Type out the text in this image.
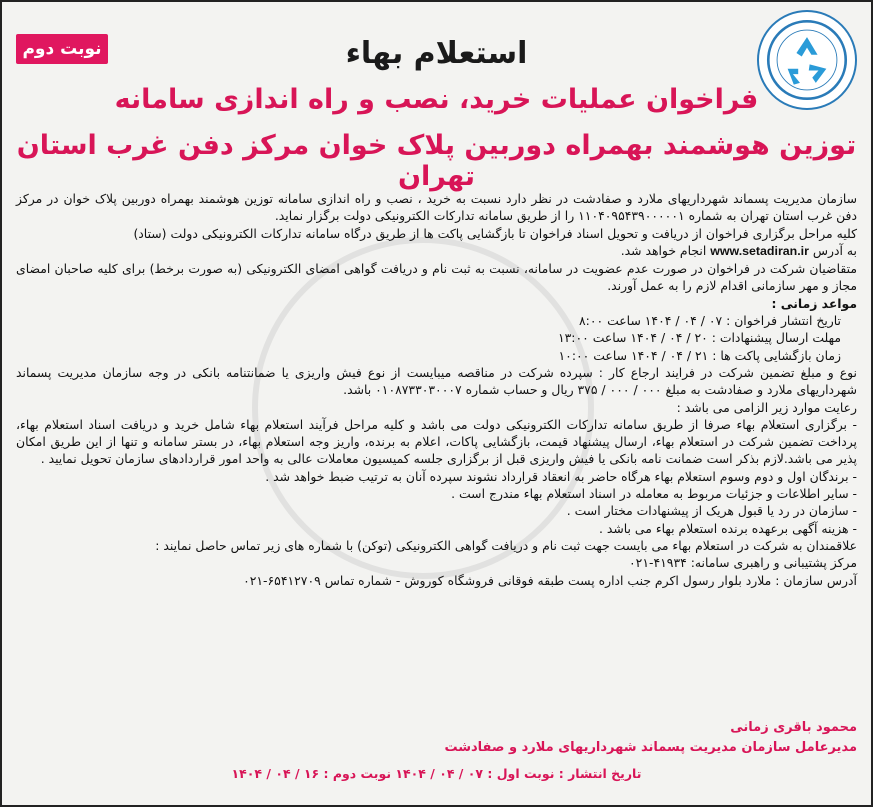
نوبت دوم	استعلام بهاء
فراخوان عملیات خرید، نصب و راه اندازی سامانه
توزین هوشمند بهمراه دوربین پلاک خوان مرکز دفن غرب استان تهران

سازمان مدیریت پسماند شهرداریهای ملارد و صفادشت در نظر دارد نسبت به خرید ، نصب و راه اندازی سامانه توزین هوشمند بهمراه دوربین پلاک خوان در مرکز دفن غرب استان تهران به شماره ۱۱۰۴۰۹۵۴۳۹۰۰۰۰۰۱ را از طریق سامانه تدارکات الکترونیکی دولت برگزار نماید.

کلیه مراحل برگزاری فراخوان از دریافت و تحویل اسناد فراخوان تا بازگشایی پاکت ها از طریق درگاه سامانه تدارکات الکترونیکی دولت (ستاد)

به آدرس www.setadiran.ir انجام خواهد شد.

متقاضیان شرکت در فراخوان در صورت عدم عضویت در سامانه، نسبت به ثبت نام و دریافت گواهی امضای الکترونیکی (به صورت برخط) برای کلیه صاحبان امضای مجاز و مهر سازمانی اقدام لازم را به عمل آورند.

مواعد زمانی :

تاریخ انتشار فراخوان : ۰۷ / ۰۴ / ۱۴۰۴ ساعت ۸:۰۰

مهلت ارسال پیشنهادات : ۲۰ / ۰۴ / ۱۴۰۴ ساعت ۱۳:۰۰

زمان بازگشایی پاکت ها : ۲۱ / ۰۴ / ۱۴۰۴ ساعت ۱۰:۰۰

نوع و مبلغ تضمین شرکت در فرایند ارجاع کار : سپرده شرکت در مناقصه میبایست از نوع فیش واریزی یا ضمانتنامه بانکی در وجه سازمان مدیریت پسماند شهرداریهای ملارد و صفادشت به مبلغ ۰۰۰ / ۰۰۰ / ۳۷۵ ریال و حساب شماره ۰۱۰۸۷۳۳۰۳۰۰۰۷ باشد.

رعایت موارد زیر الزامی می باشد :

- برگزاری استعلام بهاء صرفا از طریق سامانه تدارکات الکترونیکی دولت می باشد و کلیه مراحل فرآیند استعلام بهاء شامل خرید و دریافت اسناد استعلام بهاء، پرداخت تضمین شرکت در استعلام بهاء، ارسال پیشنهاد قیمت، بازگشایی پاکات، اعلام به برنده، واریز وجه استعلام بهاء، در بستر سامانه و تنها از این طریق امکان پذیر می باشد.لازم بذکر است ضمانت نامه بانکی یا فیش واریزی قبل از برگزاری جلسه کمیسیون معاملات عالی به واحد امور قراردادهای سازمان تحویل نمایید .

- برندگان اول و دوم وسوم استعلام بهاء هرگاه حاضر به انعقاد قرارداد نشوند سپرده آنان به ترتیب ضبط خواهد شد .

- سایر اطلاعات و جزئیات مربوط به معامله در اسناد استعلام بهاء مندرج است .

- سازمان در رد یا قبول هریک از پیشنهادات مختار است .

- هزینه آگهی برعهده برنده استعلام بهاء می باشد .

علاقمندان به شرکت در استعلام بهاء می بایست جهت ثبت نام و دریافت گواهی الکترونیکی (توکن) با شماره های زیر تماس حاصل نمایند :

مرکز پشتیبانی و راهبری سامانه: ۴۱۹۳۴-۰۲۱

آدرس سازمان : ملارد بلوار رسول اکرم جنب اداره پست طبقه فوقانی فروشگاه کوروش - شماره تماس ۶۵۴۱۲۷۰۹-۰۲۱

محمود باقری زمانی
مدیرعامل سازمان مدیریت پسماند شهرداریهای ملارد و صفادشت
تاریخ انتشار : نوبت اول : ۰۷ / ۰۴ / ۱۴۰۴ نوبت دوم : ۱۶ / ۰۴ / ۱۴۰۴
